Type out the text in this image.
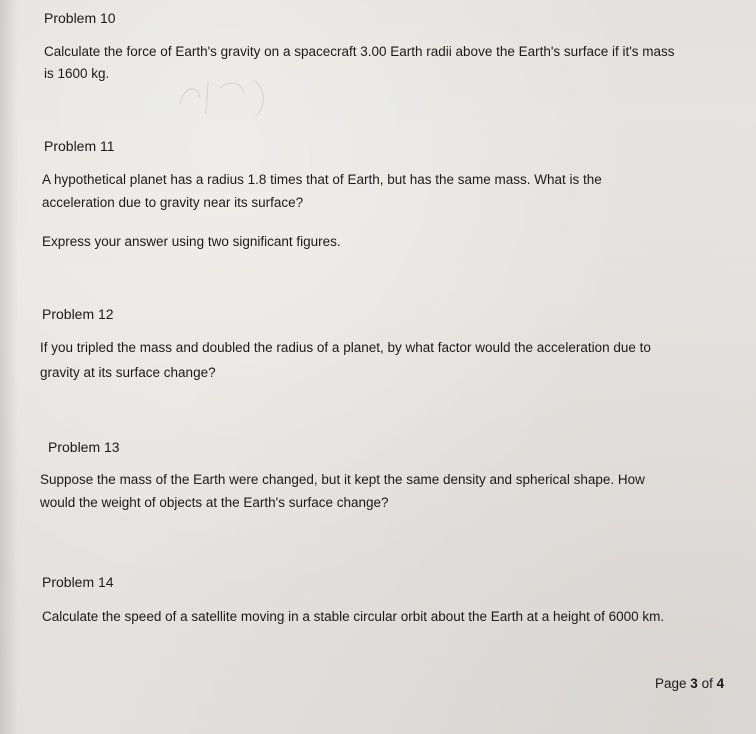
Problem 10
Calculate the force of Earth's gravity on a spacecraft 3.00 Earth radii above the Earth's surface if it's mass
is 1600 kg.
Problem 11
A hypothetical planet has a radius 1.8 times that of Earth, but has the same mass. What is the
acceleration due to gravity near its surface?
Express your answer using two significant figures.
Problem 12
If you tripled the mass and doubled the radius of a planet, by what factor would the acceleration due to
gravity at its surface change?
Problem 13
Suppose the mass of the Earth were changed, but it kept the same density and spherical shape. How
would the weight of objects at the Earth's surface change?
Problem 14
Calculate the speed of a satellite moving in a stable circular orbit about the Earth at a height of 6000 km.
Page 3 of 4
